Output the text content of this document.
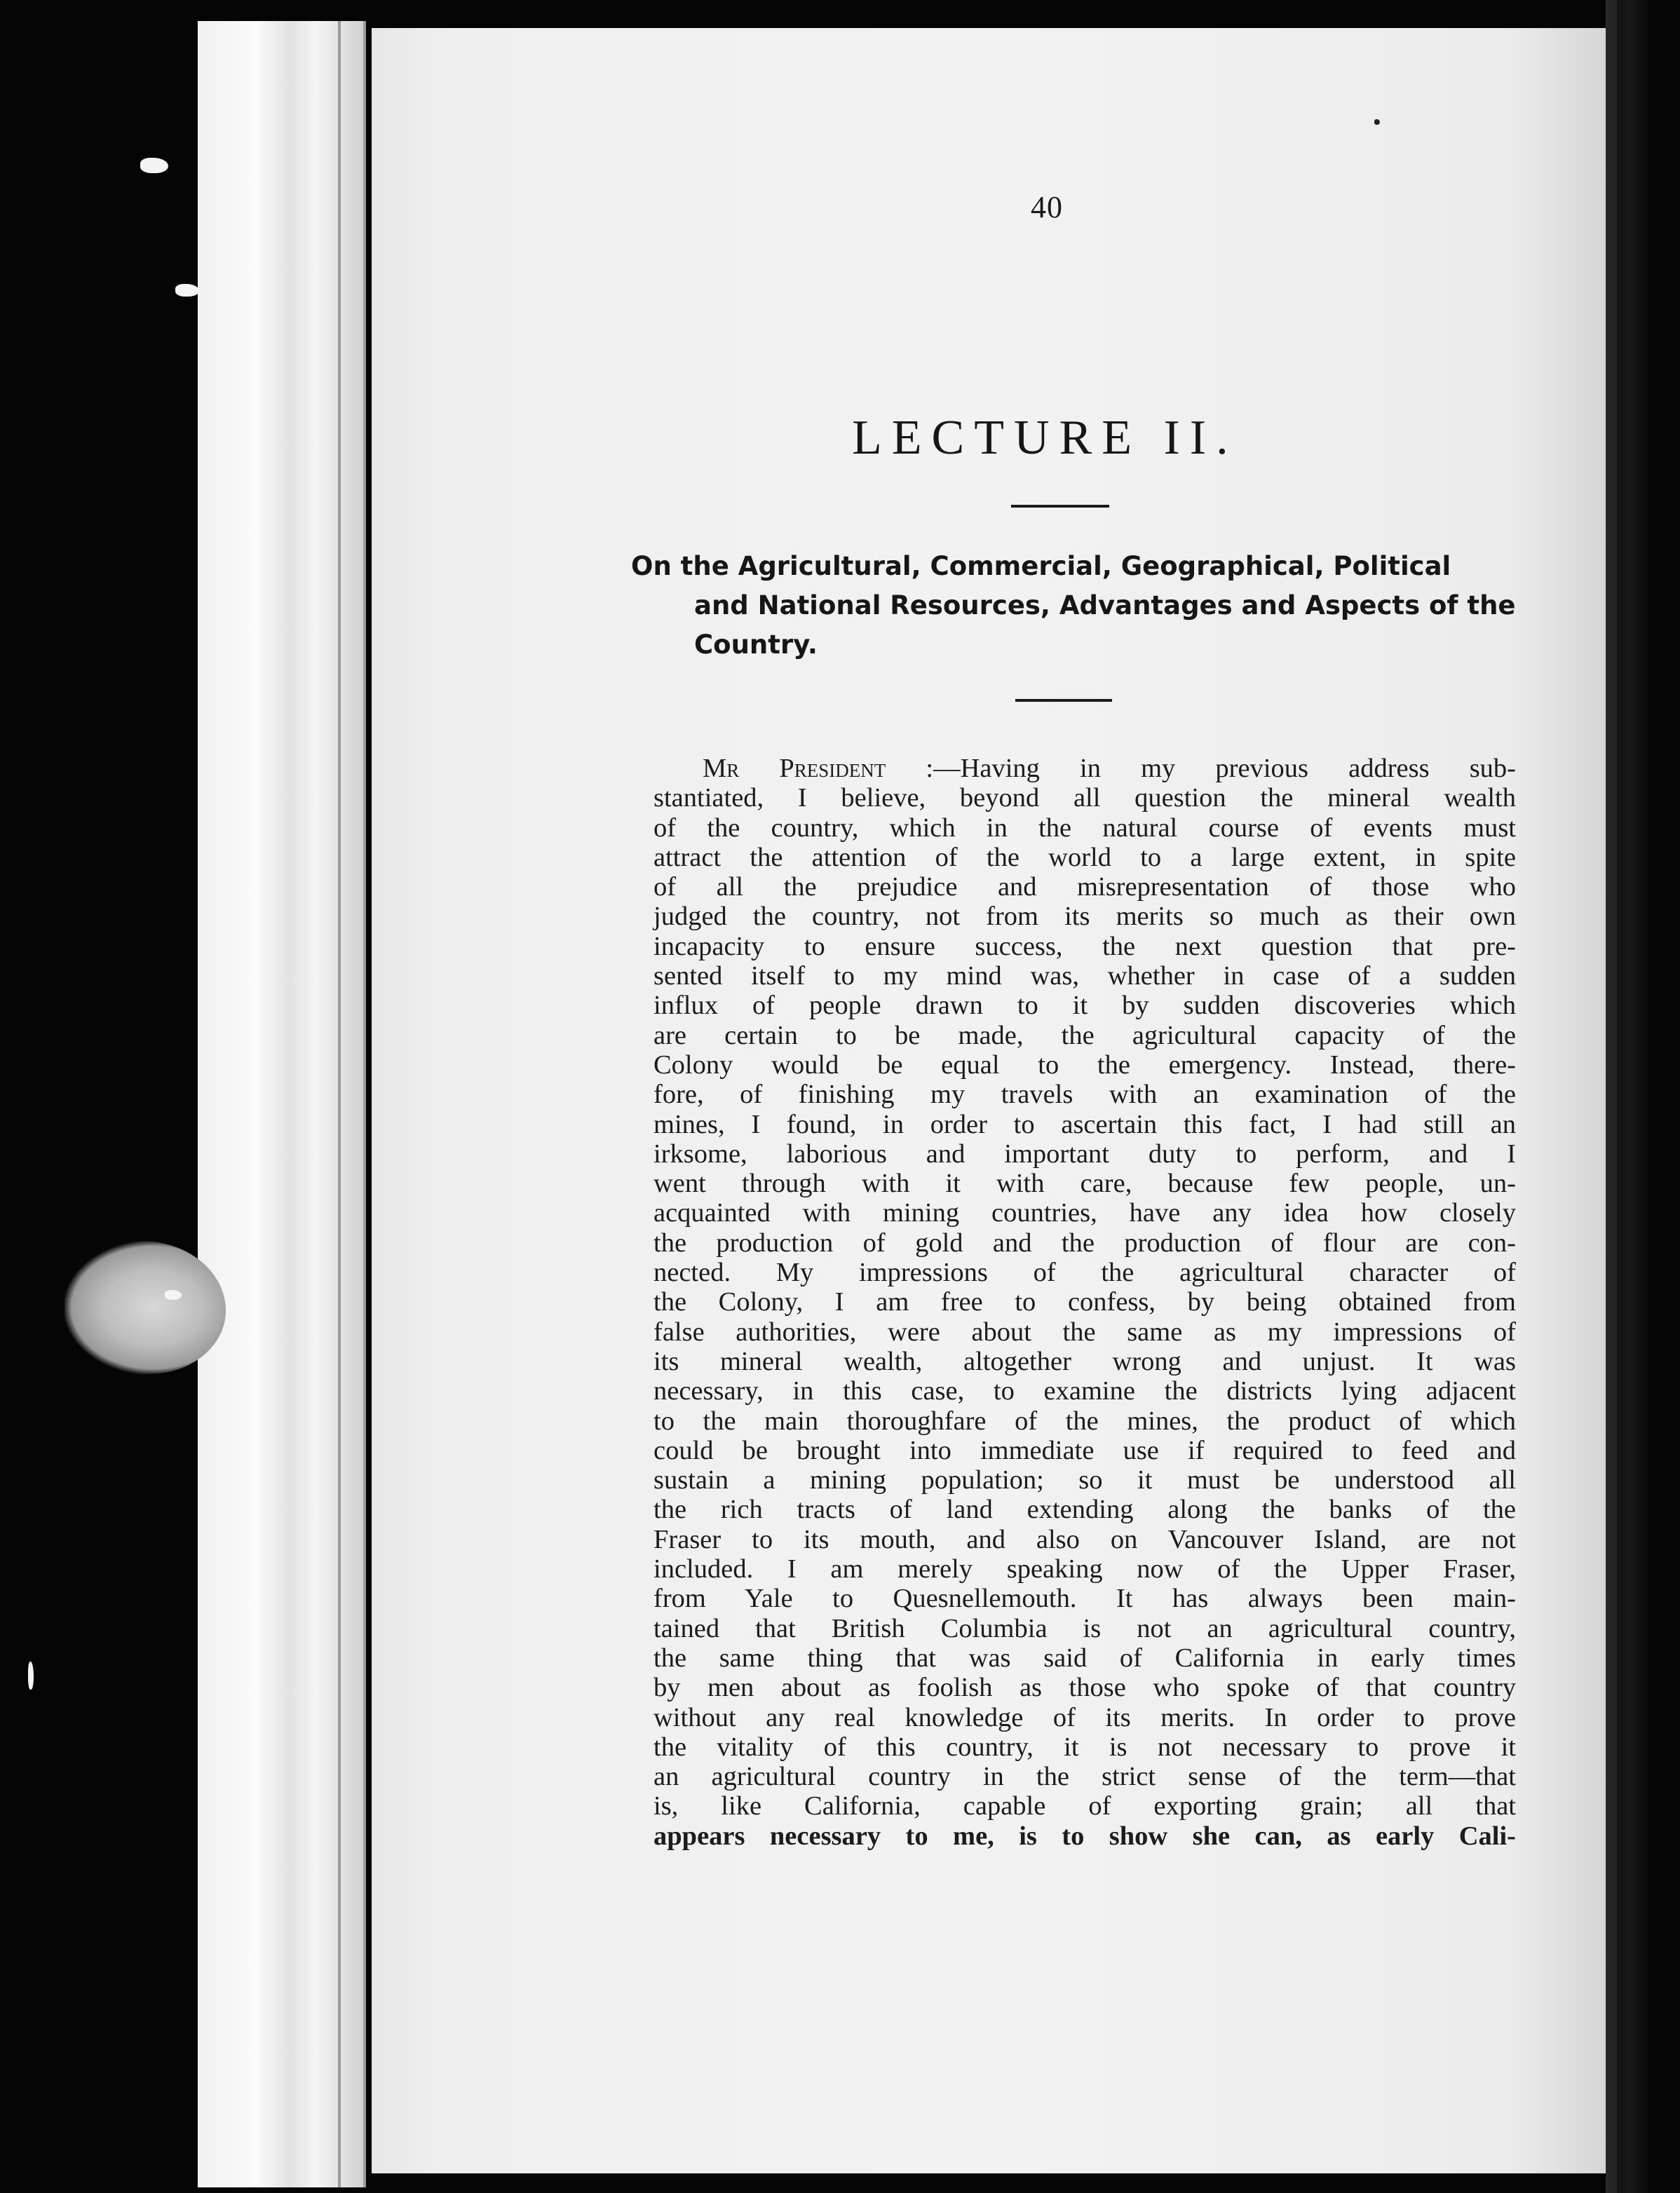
40
LECTURE II.
On the Agricultural, Commercial, Geographical, Political
and National Resources, Advantages and Aspects of the
Country.
Mr President :—Having in my previous address sub-
stantiated, I believe, beyond all question the mineral wealth
of the country, which in the natural course of events must
attract the attention of the world to a large extent, in spite
of all the prejudice and misrepresentation of those who
judged the country, not from its merits so much as their own
incapacity to ensure success, the next question that pre-
sented itself to my mind was, whether in case of a sudden
influx of people drawn to it by sudden discoveries which
are certain to be made, the agricultural capacity of the
Colony would be equal to the emergency. Instead, there-
fore, of finishing my travels with an examination of the
mines, I found, in order to ascertain this fact, I had still an
irksome, laborious and important duty to perform, and I
went through with it with care, because few people, un-
acquainted with mining countries, have any idea how closely
the production of gold and the production of flour are con-
nected. My impressions of the agricultural character of
the Colony, I am free to confess, by being obtained from
false authorities, were about the same as my impressions of
its mineral wealth, altogether wrong and unjust. It was
necessary, in this case, to examine the districts lying adjacent
to the main thoroughfare of the mines, the product of which
could be brought into immediate use if required to feed and
sustain a mining population; so it must be understood all
the rich tracts of land extending along the banks of the
Fraser to its mouth, and also on Vancouver Island, are not
included. I am merely speaking now of the Upper Fraser,
from Yale to Quesnellemouth. It has always been main-
tained that British Columbia is not an agricultural country,
the same thing that was said of California in early times
by men about as foolish as those who spoke of that country
without any real knowledge of its merits. In order to prove
the vitality of this country, it is not necessary to prove it
an agricultural country in the strict sense of the term—that
is, like California, capable of exporting grain; all that
appears necessary to me, is to show she can, as early Cali-
